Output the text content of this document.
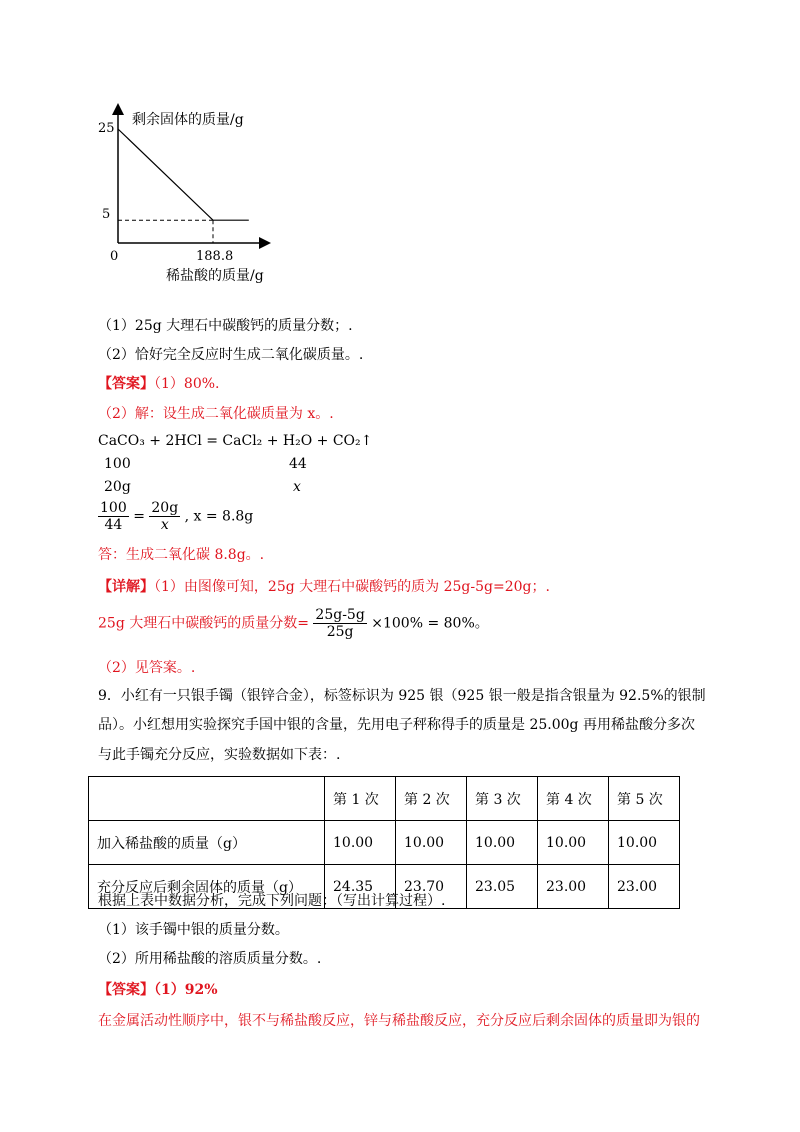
剩余固体的质量/g
25
5
0	188.8
稀盐酸的质量/g
（1）25g 大理石中碳酸钙的质量分数；.
（2）恰好完全反应时生成二氧化碳质量。.
【答案】（1）80%.
（2）解：设生成二氧化碳质量为 x。.
CaCO₃ + 2HCl = CaCl₂ + H₂O + CO₂↑
100	44
20g	x
$\frac{100}{44} = \frac{20g}{x}$ , x = 8.8g
答：生成二氧化碳 8.8g。.
【详解】（1）由图像可知，25g 大理石中碳酸钙的质为 25g-5g=20g；.
25g 大理石中碳酸钙的质量分数= $\frac{25g-5g}{25g} \times 100\% = 80\%$。
（2）见答案。.
9．小红有一只银手镯（银锌合金），标签标识为 925 银（925 银一般是指含银量为 92.5%的银制
品）。小红想用实验探究手国中银的含量，先用电子秤称得手的质量是 25.00g 再用稀盐酸分多次
与此手镯充分反应，实验数据如下表：.
	第 1 次	第 2 次	第 3 次	第 4 次	第 5 次
加入稀盐酸的质量（g）	10.00	10.00	10.00	10.00	10.00
充分反应后剩余固体的质量（g）	24.35	23.70	23.05	23.00	23.00
根据上表中数据分析，完成下列问题：（写出计算过程）.
（1）该手镯中银的质量分数。
（2）所用稀盐酸的溶质质量分数。.
【答案】（1）92%
在金属活动性顺序中，银不与稀盐酸反应，锌与稀盐酸反应，充分反应后剩余固体的质量即为银的
